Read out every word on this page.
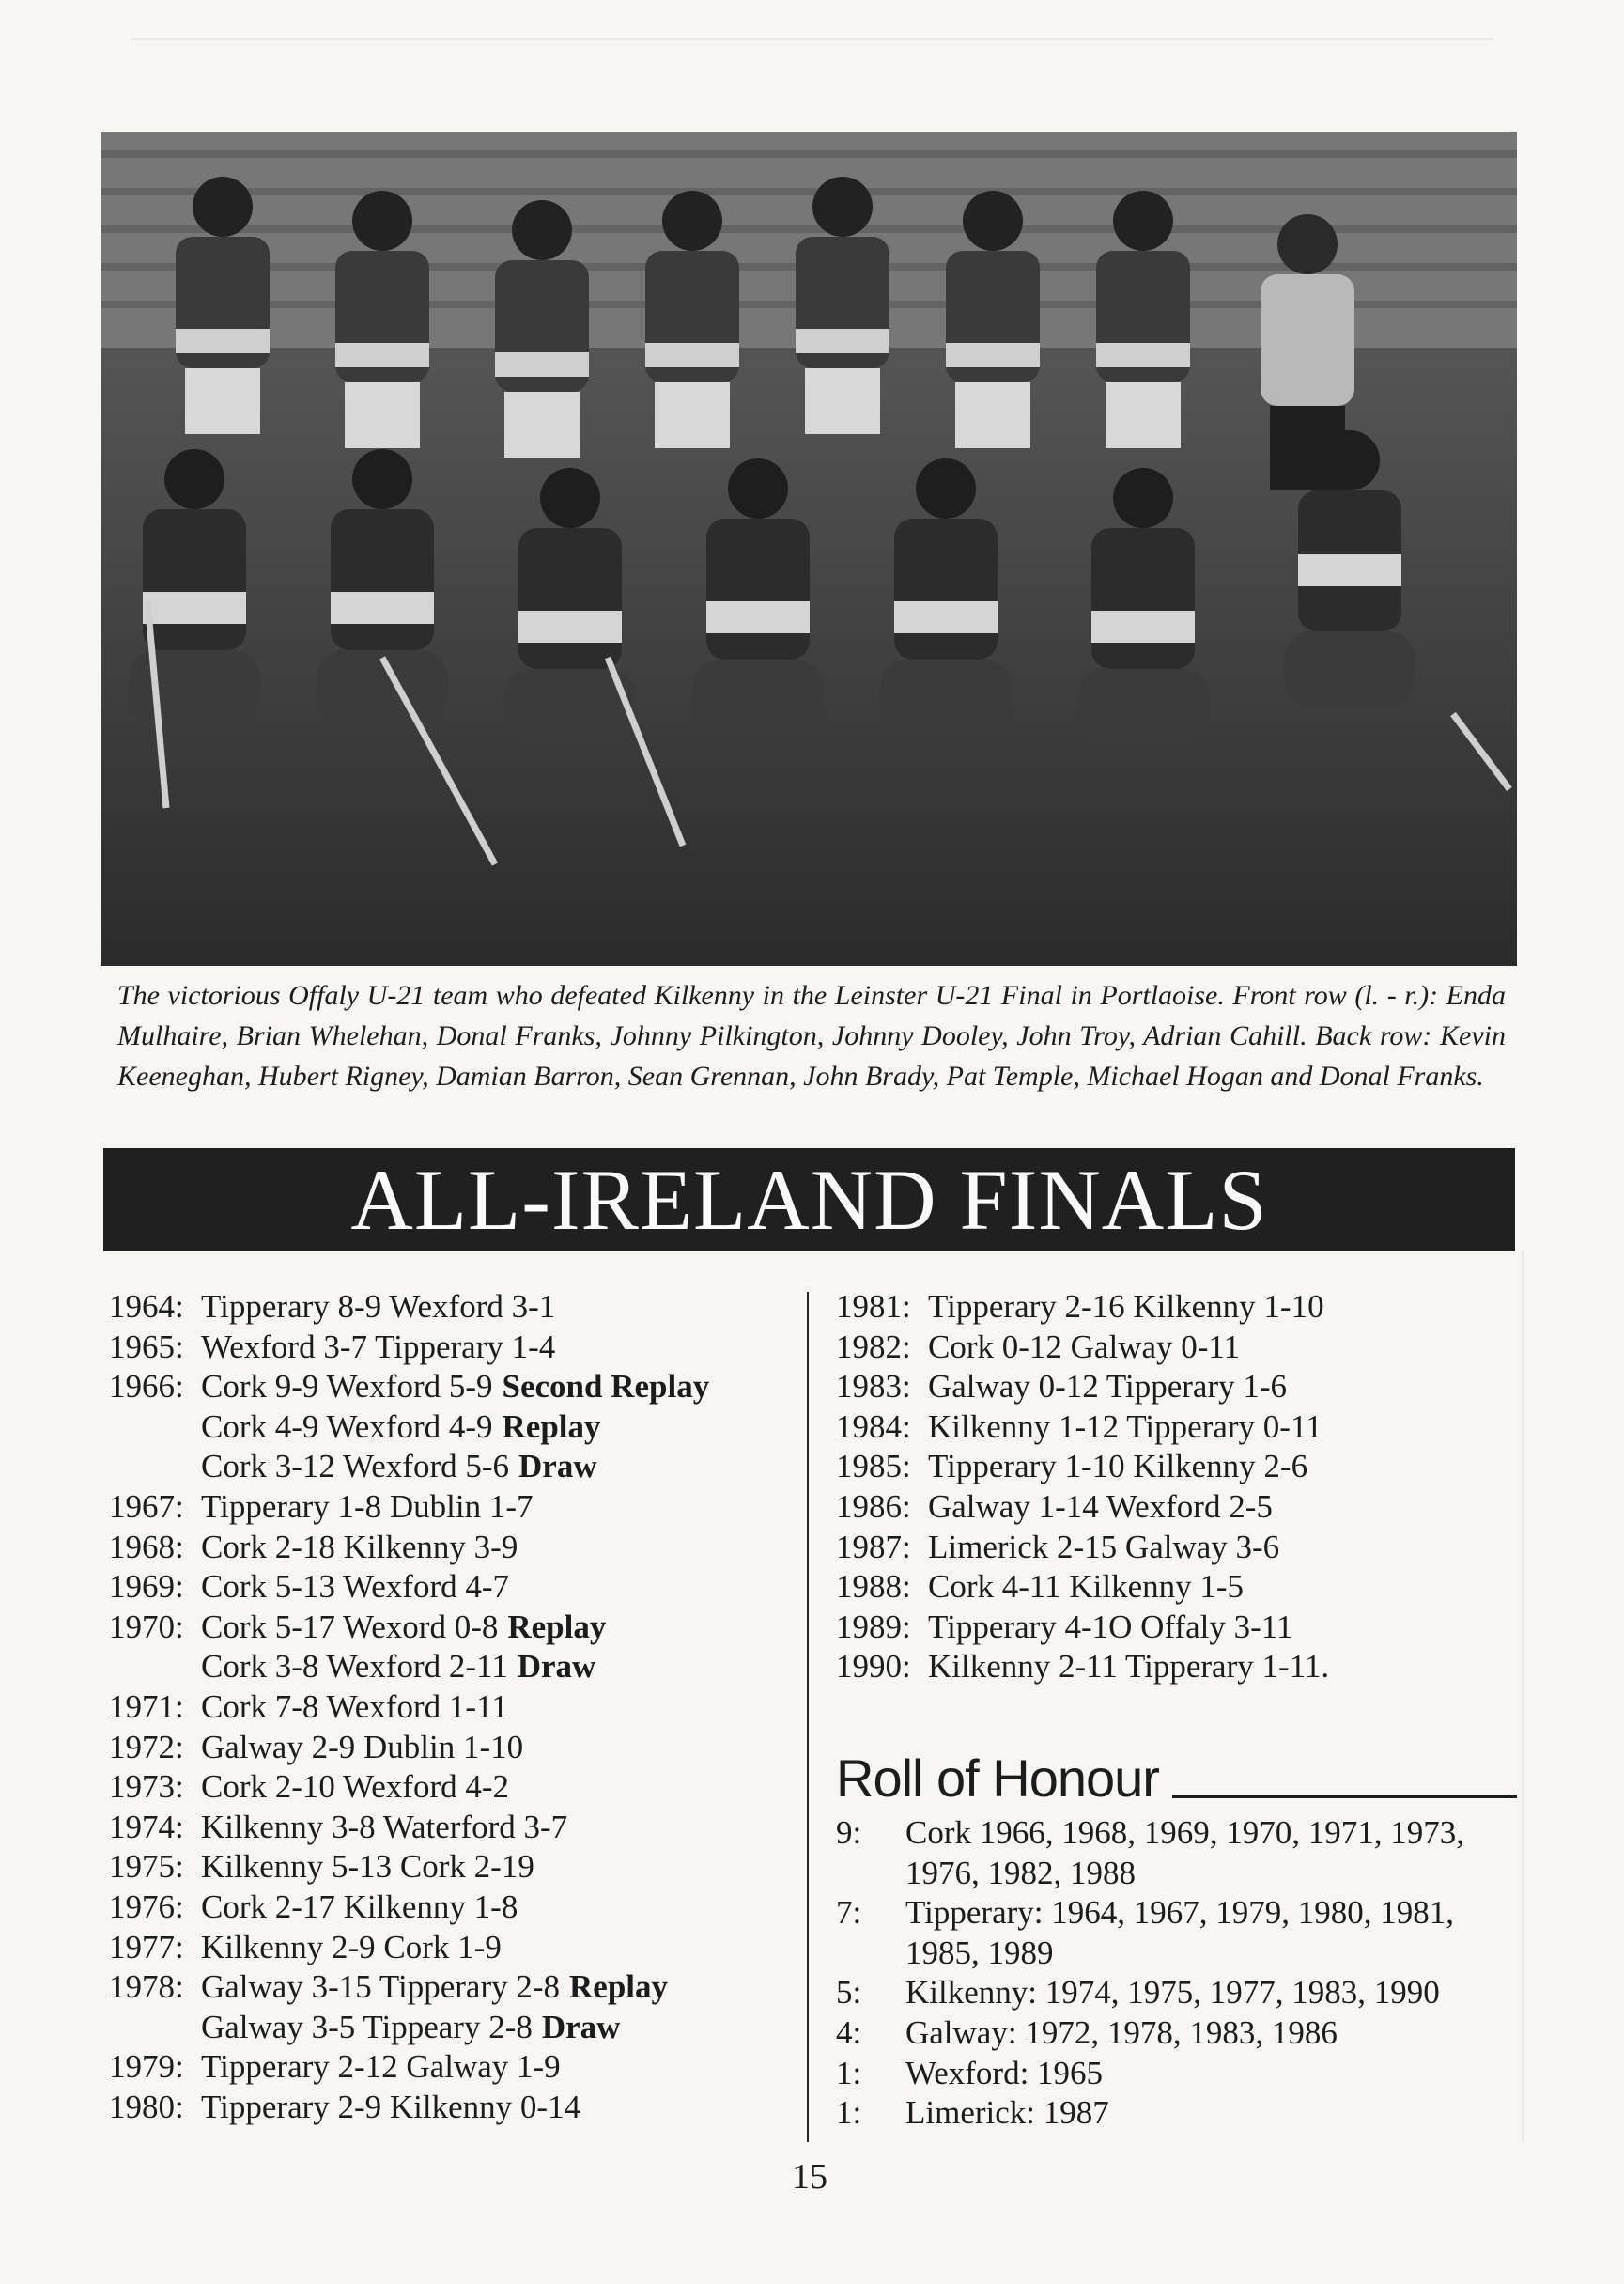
The victorious Offaly U-21 team who defeated Kilkenny in the Leinster U-21 Final in Portlaoise. Front row (l. - r.): Enda Mulhaire, Brian Whelehan, Donal Franks, Johnny Pilkington, Johnny Dooley, John Troy, Adrian Cahill. Back row: Kevin Keeneghan, Hubert Rigney, Damian Barron, Sean Grennan, John Brady, Pat Temple, Michael Hogan and Donal Franks.

ALL-IRELAND FINALS
1964: Tipperary 8-9 Wexford 3-1
1965: Wexford 3-7 Tipperary 1-4
1966: Cork 9-9 Wexford 5-9 Second Replay
Cork 4-9 Wexford 4-9 Replay
Cork 3-12 Wexford 5-6 Draw
1967: Tipperary 1-8 Dublin 1-7
1968: Cork 2-18 Kilkenny 3-9
1969: Cork 5-13 Wexford 4-7
1970: Cork 5-17 Wexord 0-8 Replay
Cork 3-8 Wexford 2-11 Draw
1971: Cork 7-8 Wexford 1-11
1972: Galway 2-9 Dublin 1-10
1973: Cork 2-10 Wexford 4-2
1974: Kilkenny 3-8 Waterford 3-7
1975: Kilkenny 5-13 Cork 2-19
1976: Cork 2-17 Kilkenny 1-8
1977: Kilkenny 2-9 Cork 1-9
1978: Galway 3-15 Tipperary 2-8 Replay
Galway 3-5 Tippeary 2-8 Draw
1979: Tipperary 2-12 Galway 1-9
1980: Tipperary 2-9 Kilkenny 0-14
1981: Tipperary 2-16 Kilkenny 1-10
1982: Cork 0-12 Galway 0-11
1983: Galway 0-12 Tipperary 1-6
1984: Kilkenny 1-12 Tipperary 0-11
1985: Tipperary 1-10 Kilkenny 2-6
1986: Galway 1-14 Wexford 2-5
1987: Limerick 2-15 Galway 3-6
1988: Cork 4-11 Kilkenny 1-5
1989: Tipperary 4-1O Offaly 3-11
1990: Kilkenny 2-11 Tipperary 1-11.
Roll of Honour
9:	Cork 1966, 1968, 1969, 1970, 1971, 1973, 1976, 1982, 1988
7:	Tipperary: 1964, 1967, 1979, 1980, 1981, 1985, 1989
5:	Kilkenny: 1974, 1975, 1977, 1983, 1990
4:	Galway: 1972, 1978, 1983, 1986
1:	Wexford: 1965
1:	Limerick: 1987
15
